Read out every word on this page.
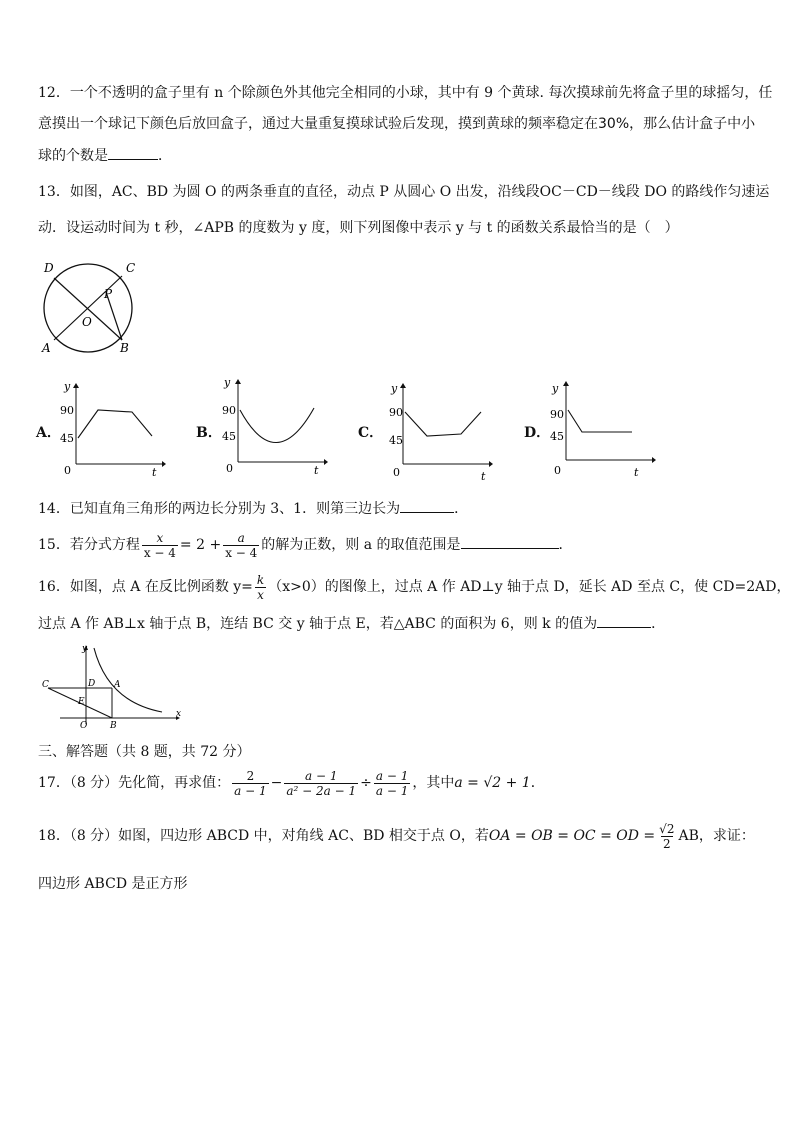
12．一个不透明的盒子里有 n 个除颜色外其他完全相同的小球，其中有 9 个黄球. 每次摸球前先将盒子里的球摇匀，任
意摸出一个球记下颜色后放回盒子，通过大量重复摸球试验后发现，摸到黄球的频率稳定在30%，那么估计盒子中小
球的个数是	．
13．如图，AC、BD 为圆 O 的两条垂直的直径，动点 P 从圆心 O 出发，沿线段OC－CD－线段 DO 的路线作匀速运
动．设运动时间为 t 秒，∠APB 的度数为 y 度，则下列图像中表示 y 与 t 的函数关系最恰当的是（　）
D	C
P
O
A	B
A．
y
t
90
45
0
B．
y
t
90
45
0
C．
y
t
90
45
0
D．
y
t
90
45
0
14．已知直角三角形的两边长分别为 3、1．则第三边长为	．
15．若分式方程 $\frac{x}{x - 4} = 2 + \frac{a}{x - 4}$ 的解为正数，则 a 的取值范围是	．
16．如图，点 A 在反比例函数 $y= \frac{k}{x} (x>0)$的图像上，过点 A 作 AD⊥y 轴于点 D，延长 AD 至点 C，使 CD=2AD，
过点 A 作 AB⊥x 轴于点 B，连结 BC 交 y 轴于点 E，若△ABC 的面积为 6，则 k 的值为	．
y
C	D A
E
O	B
x
三、解答题（共 8 题，共 72 分）
17．（8 分）先化简，再求值： $\frac{2}{a - 1} - \frac{a - 1}{\text{a² − 2a − 1}} \div \frac{a - 1}{a - 1}$ ，其中a = √2 + 1．
18．（8 分）如图，四边形 ABCD 中，对角线 AC、BD 相交于点 O，若OA = OB = OC = OD = $\frac{√2}{2}$ AB，求证：
四边形 ABCD 是正方形
